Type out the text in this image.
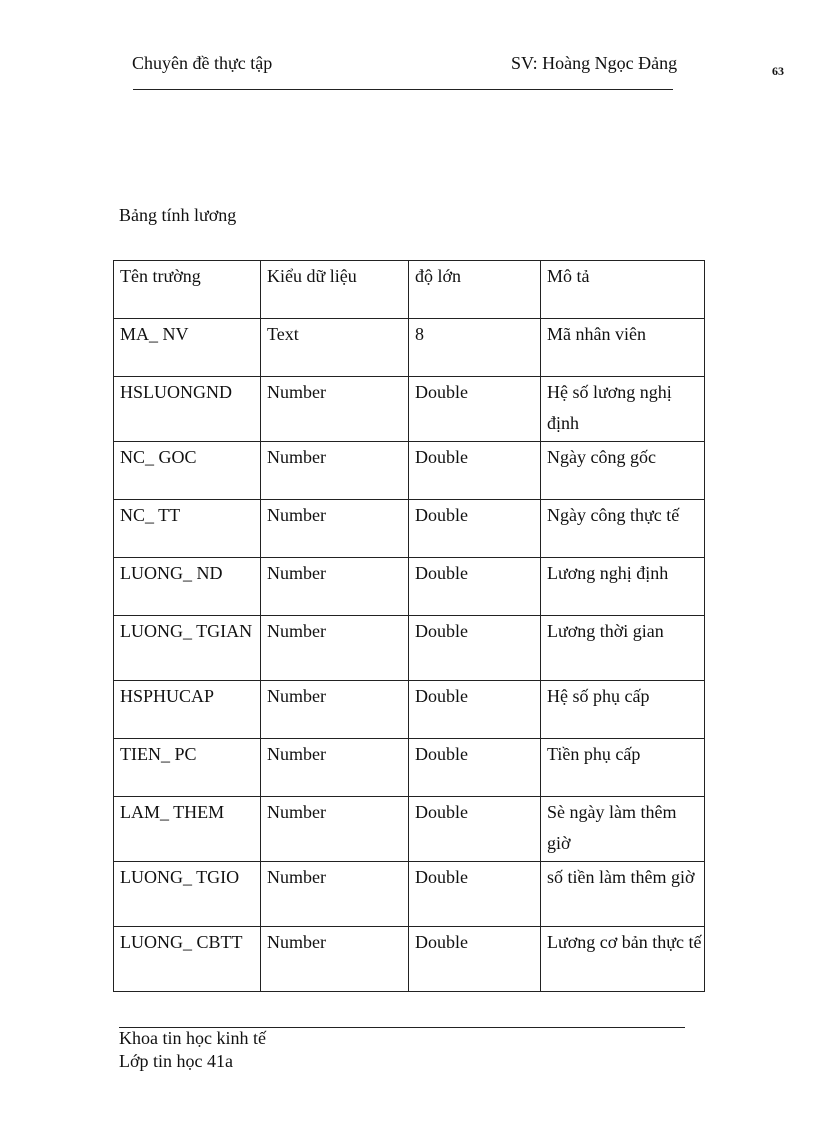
Chuyên đề thực tập	SV: Hoàng Ngọc Đảng	63
Bảng tính lương
Tên trường	Kiểu dữ liệu	độ lớn	Mô tả
MA_ NV	Text	8	Mã nhân viên
HSLUONGND	Number	Double	Hệ số lương nghị định
NC_ GOC	Number	Double	Ngày công gốc
NC_ TT	Number	Double	Ngày công thực tế
LUONG_ ND	Number	Double	Lương nghị định
LUONG_ TGIAN	Number	Double	Lương thời gian
HSPHUCAP	Number	Double	Hệ số phụ cấp
TIEN_ PC	Number	Double	Tiền phụ cấp
LAM_ THEM	Number	Double	Sè ngày làm thêm giờ
LUONG_ TGIO	Number	Double	số tiền làm thêm giờ
LUONG_ CBTT	Number	Double	Lương cơ bản thực tế
Khoa tin học kinh tế
Lớp tin học 41a
